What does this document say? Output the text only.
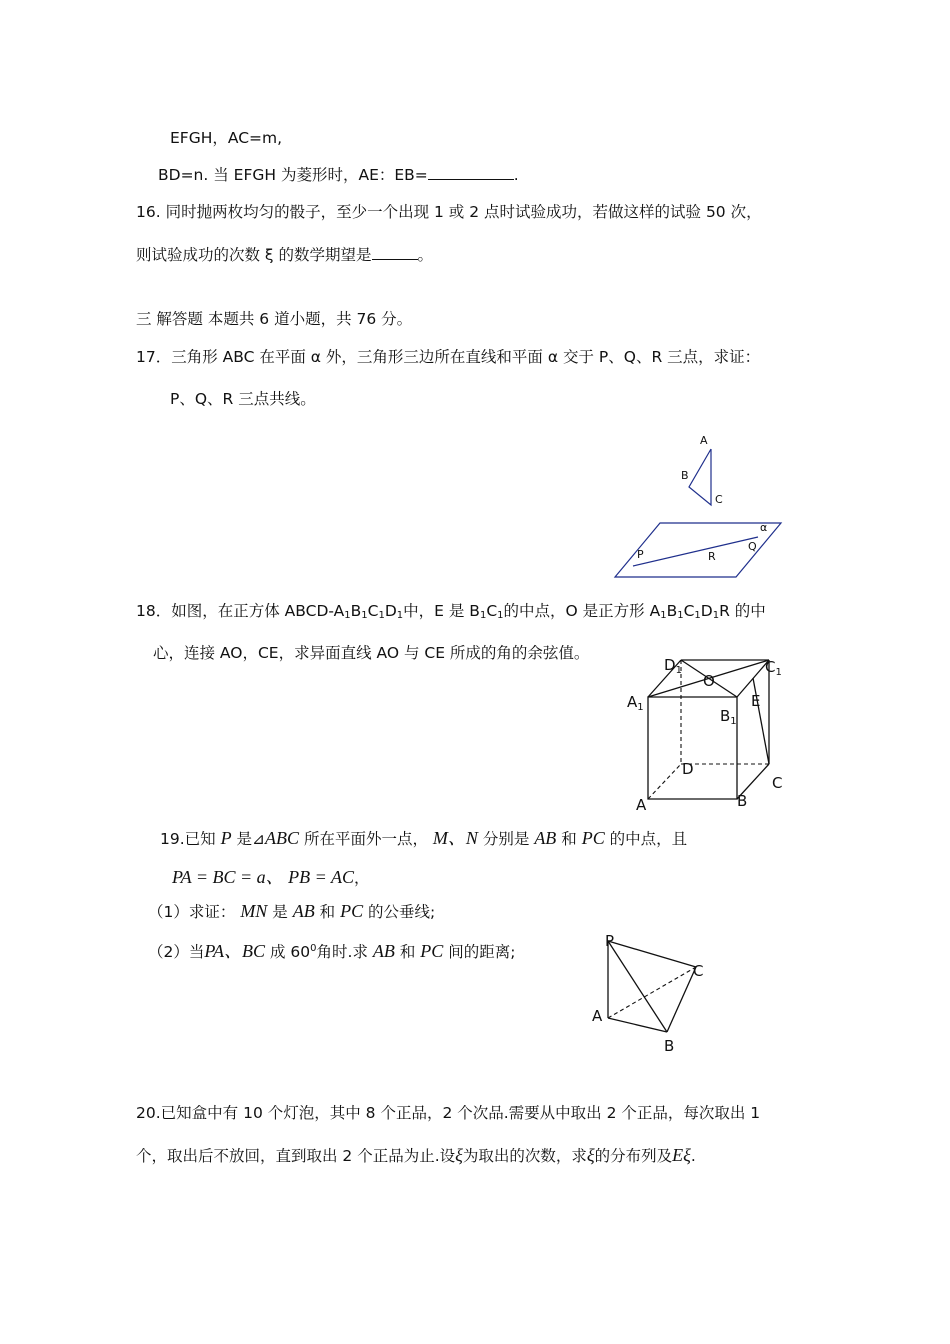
EFGH，AC=m,
BD=n. 当 EFGH 为菱形时，AE：EB=	.
16. 同时抛两枚均匀的骰子，至少一个出现 1 或 2 点时试验成功，若做这样的试验 50 次，
则试验成功的次数 ξ 的数学期望是	。
三 解答题 本题共 6 道小题，共 76 分。
17．三角形 ABC 在平面 α 外，三角形三边所在直线和平面 α 交于 P、Q、R 三点，求证：
P、Q、R 三点共线。
A
B
C
α
P
Q
R
18．如图，在正方体 ABCD-$A_1B_1C_1D_1$中，E 是 $B_1C_1$的中点，O 是正方形 $A_1B_1C_1D_1R$ 的中
心，连接 AO，CE，求异面直线 AO 与 CE 所成的角的余弦值。
$D_1$	$C_1$
O
$A_1$	E
$B_1$
D
C
A	B
19.已知 P 是⊿ABC 所在平面外一点， M、N 分别是 AB 和 PC 的中点，且
PA = BC = a、 PB = AC，
（1）求证： MN 是 AB 和 PC 的公垂线;
（2）当PA、BC 成 $60^0$角时.求 AB 和 PC 间的距离;
P
C
A
B
20.已知盒中有 10 个灯泡，其中 8 个正品，2 个次品.需要从中取出 2 个正品，每次取出 1
个，取出后不放回，直到取出 2 个正品为止.设ξ为取出的次数，求ξ的分布列及Eξ.
